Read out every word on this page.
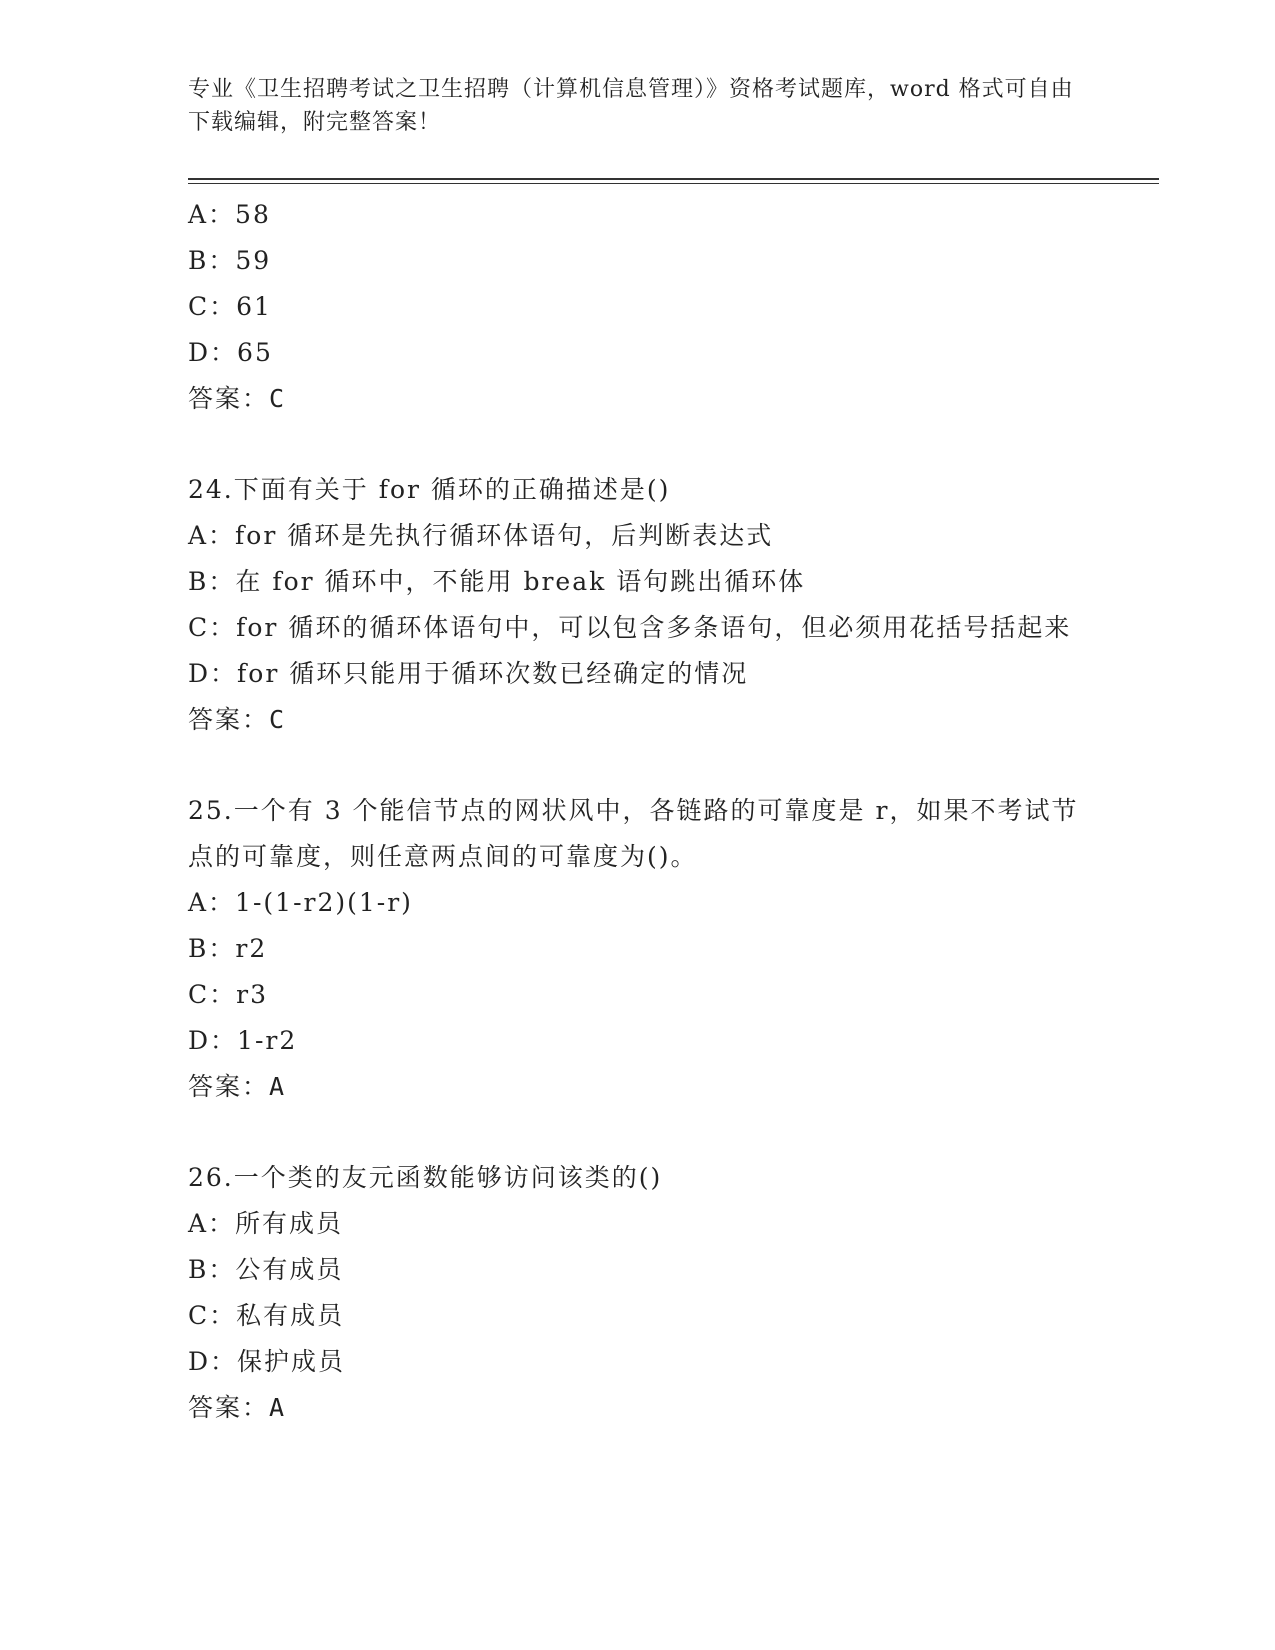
专业《卫生招聘考试之卫生招聘（计算机信息管理）》资格考试题库，word 格式可自由下载编辑，附完整答案！
A：58
B：59
C：61
D：65
答案：C
24.下面有关于 for 循环的正确描述是()
A：for 循环是先执行循环体语句，后判断表达式
B：在 for 循环中，不能用 break 语句跳出循环体
C：for 循环的循环体语句中，可以包含多条语句，但必须用花括号括起来
D：for 循环只能用于循环次数已经确定的情况
答案：C
25.一个有 3 个能信节点的网状风中，各链路的可靠度是 r，如果不考试节点的可靠度，则任意两点间的可靠度为()。
A：1-(1-r2)(1-r)
B：r2
C：r3
D：1-r2
答案：A
26.一个类的友元函数能够访问该类的()
A：所有成员
B：公有成员
C：私有成员
D：保护成员
答案：A
